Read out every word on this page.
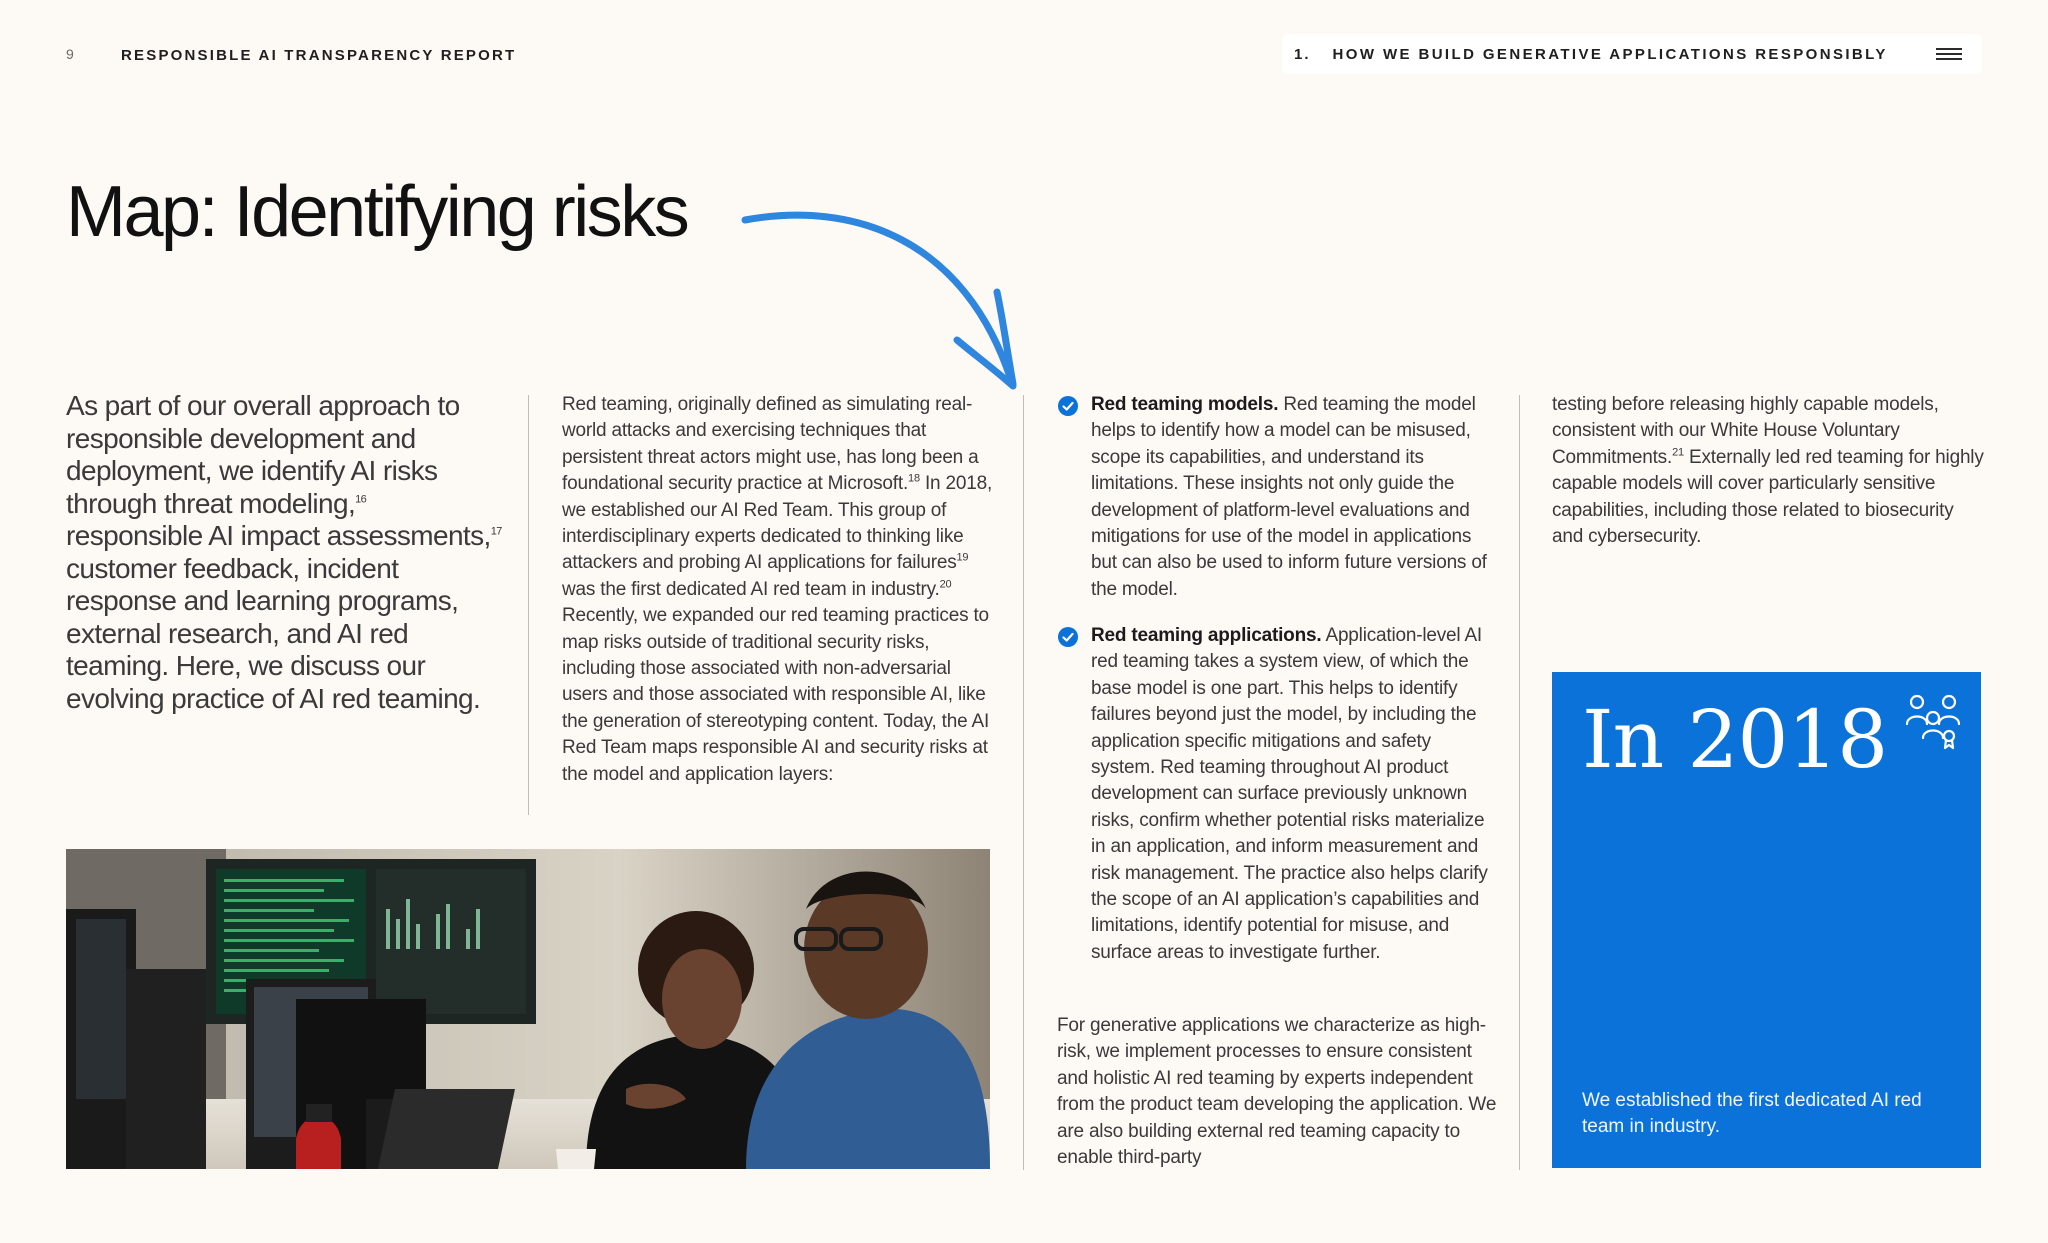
9	RESPONSIBLE AI TRANSPARENCY REPORT	1. HOW WE BUILD GENERATIVE APPLICATIONS RESPONSIBLY
Map: Identifying risks
As part of our overall approach to responsible development and deployment, we identify AI risks through threat modeling,$^{16}$ responsible AI impact assessments,$^{17}$ customer feedback, incident response and learning programs, external research, and AI red teaming. Here, we discuss our evolving practice of AI red teaming.
Red teaming, originally defined as simulating real-world attacks and exercising techniques that persistent threat actors might use, has long been a foundational security practice at Microsoft.$^{18}$ In 2018, we established our AI Red Team. This group of interdisciplinary experts dedicated to thinking like attackers and probing AI applications for failures$^{19}$ was the first dedicated AI red team in industry.$^{20}$ Recently, we expanded our red teaming practices to map risks outside of traditional security risks, including those associated with non-adversarial users and those associated with responsible AI, like the generation of stereotyping content. Today, the AI Red Team maps responsible AI and security risks at the model and application layers:
Red teaming models. Red teaming the model helps to identify how a model can be misused, scope its capabilities, and understand its limitations. These insights not only guide the development of platform-level evaluations and mitigations for use of the model in applications but can also be used to inform future versions of the model.
Red teaming applications. Application-level AI red teaming takes a system view, of which the base model is one part. This helps to identify failures beyond just the model, by including the application specific mitigations and safety system. Red teaming throughout AI product development can surface previously unknown risks, confirm whether potential risks materialize in an application, and inform measurement and risk management. The practice also helps clarify the scope of an AI application’s capabilities and limitations, identify potential for misuse, and surface areas to investigate further.
For generative applications we characterize as high-risk, we implement processes to ensure consistent and holistic AI red teaming by experts independent from the product team developing the application. We are also building external red teaming capacity to enable third-party
testing before releasing highly capable models, consistent with our White House Voluntary Commitments.$^{21}$ Externally led red teaming for highly capable models will cover particularly sensitive capabilities, including those related to biosecurity and cybersecurity.
In 2018
We established the first dedicated AI red team in industry.
